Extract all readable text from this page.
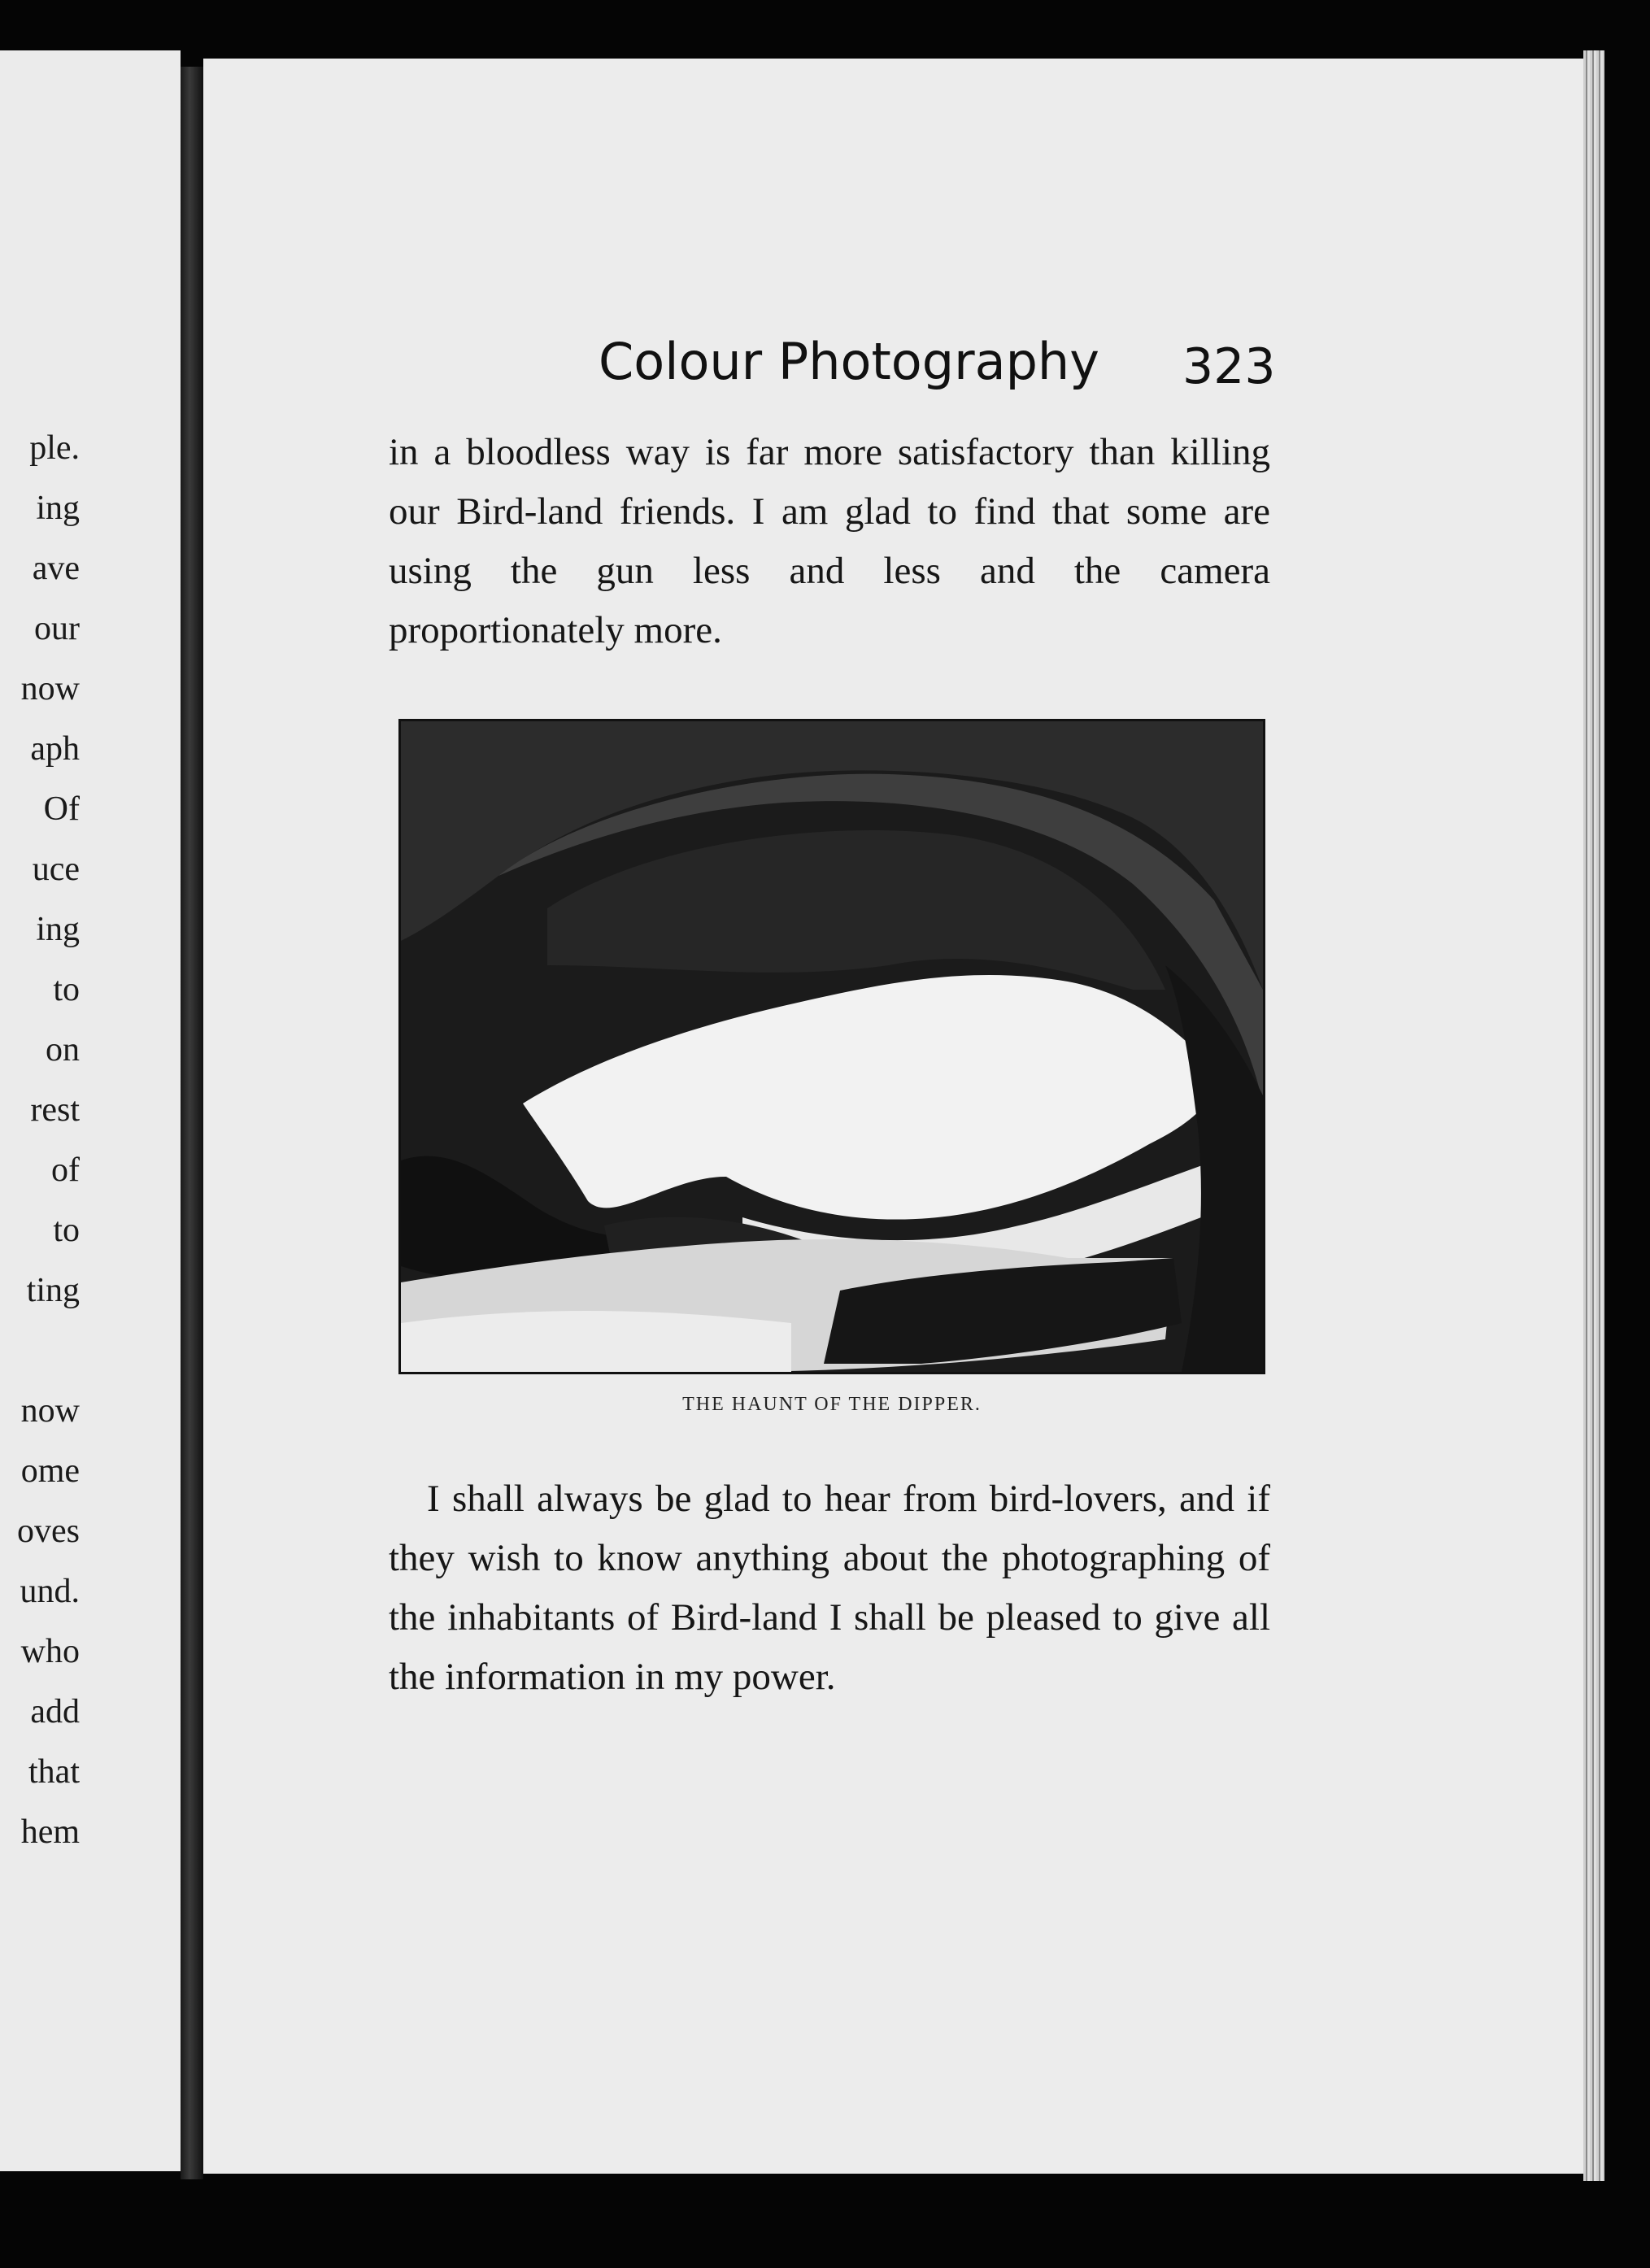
ple.
ing
ave
our
now
aph
Of
uce
ing
to
on
rest
of
to
ting
now
ome
oves
und.
who
add
that
hem
Colour Photography 323
in a bloodless way is far more satisfactory than killing our Bird-land friends. I am glad to find that some are using the gun less and less and the camera proportionately more.
THE HAUNT OF THE DIPPER.
I shall always be glad to hear from bird-lovers, and if they wish to know anything about the photographing of the inhabitants of Bird-land I shall be pleased to give all the information in my power.
